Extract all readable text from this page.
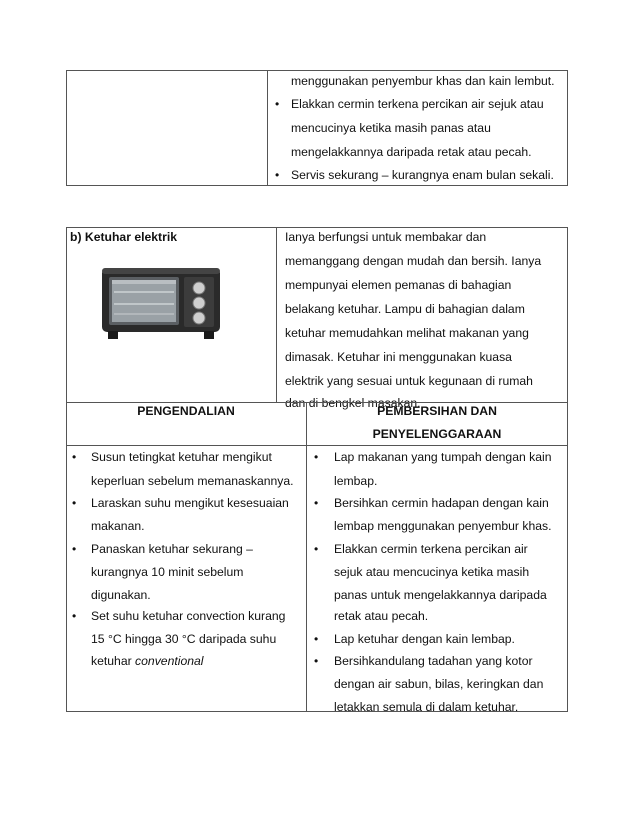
menggunakan penyembur khas dan kain lembut.
• Elakkan cermin terkena percikan air sejuk atau
mencucinya ketika masih panas atau
mengelakkannya daripada retak atau pecah.
• Servis sekurang – kurangnya enam bulan sekali.
b) Ketuhar elektrik	Ianya berfungsi untuk membakar dan
memanggang dengan mudah dan bersih. Ianya
mempunyai elemen pemanas di bahagian
belakang ketuhar. Lampu di bahagian dalam
ketuhar memudahkan melihat makanan yang
dimasak. Ketuhar ini menggunakan kuasa
elektrik yang sesuai untuk kegunaan di rumah
dan di bengkel masakan.
PENGENDALIAN	PEMBERSIHAN DAN
PENYELENGGARAAN
• Susun tetingkat ketuhar mengikut
keperluan sebelum memanaskannya.
• Laraskan suhu mengikut kesesuaian
makanan.
• Panaskan ketuhar sekurang –
kurangnya 10 minit sebelum
digunakan.
• Set suhu ketuhar convection kurang
15 °C hingga 30 °C daripada suhu
ketuhar conventional
• Lap makanan yang tumpah dengan kain
lembap.
• Bersihkan cermin hadapan dengan kain
lembap menggunakan penyembur khas.
• Elakkan cermin terkena percikan air
sejuk atau mencucinya ketika masih
panas untuk mengelakkannya daripada
retak atau pecah.
• Lap ketuhar dengan kain lembap.
• Bersihkandulang tadahan yang kotor
dengan air sabun, bilas, keringkan dan
letakkan semula di dalam ketuhar.
